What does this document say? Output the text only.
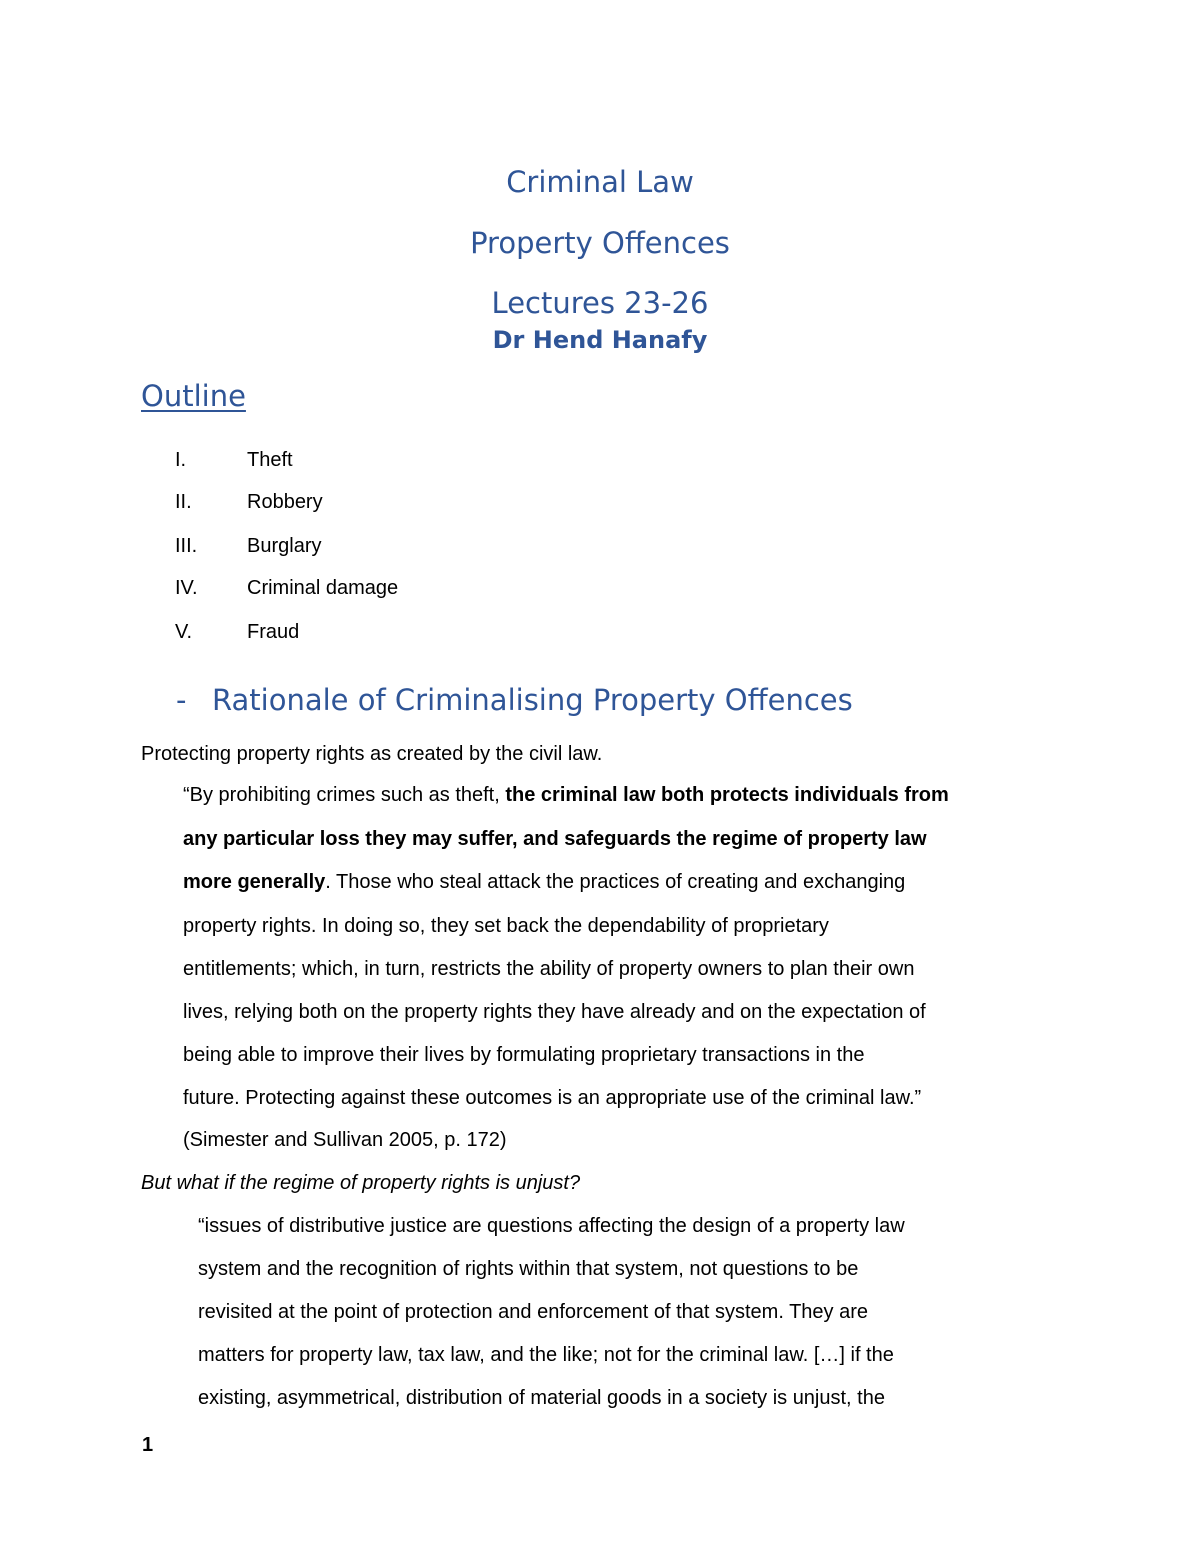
Criminal Law
Property Offences
Lectures 23-26
Dr Hend Hanafy
Outline
I.	Theft
II.	Robbery
III. Burglary
IV. Criminal damage
V.	Fraud
- Rationale of Criminalising Property Offences
Protecting property rights as created by the civil law.
“By prohibiting crimes such as theft, the criminal law both protects individuals from
any particular loss they may suffer, and safeguards the regime of property law
more generally. Those who steal attack the practices of creating and exchanging
property rights. In doing so, they set back the dependability of proprietary
entitlements; which, in turn, restricts the ability of property owners to plan their own
lives, relying both on the property rights they have already and on the expectation of
being able to improve their lives by formulating proprietary transactions in the
future. Protecting against these outcomes is an appropriate use of the criminal law.”
(Simester and Sullivan 2005, p. 172)
But what if the regime of property rights is unjust?
“issues of distributive justice are questions affecting the design of a property law
system and the recognition of rights within that system, not questions to be
revisited at the point of protection and enforcement of that system. They are
matters for property law, tax law, and the like; not for the criminal law. […] if the
existing, asymmetrical, distribution of material goods in a society is unjust, the
1
